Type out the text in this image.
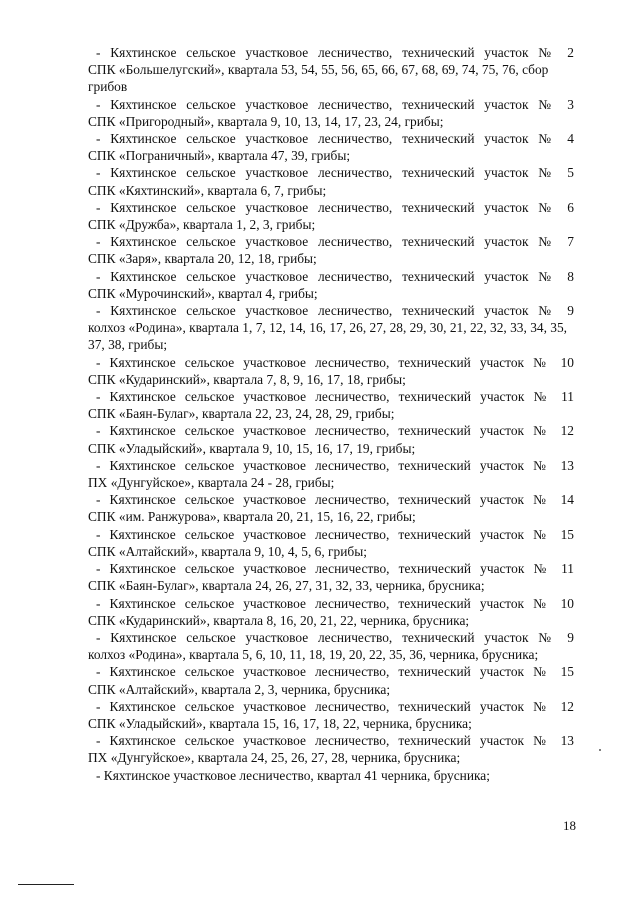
- Кяхтинское сельское участковое лесничество, технический участок № 2
СПК «Большелугский», квартала 53, 54, 55, 56, 65, 66, 67, 68, 69, 74, 75, 76, сбор грибов

- Кяхтинское сельское участковое лесничество, технический участок № 3
СПК «Пригородный», квартала 9, 10, 13, 14, 17, 23, 24, грибы;

- Кяхтинское сельское участковое лесничество, технический участок № 4
СПК «Пограничный», квартала 47, 39, грибы;

- Кяхтинское сельское участковое лесничество, технический участок № 5
СПК «Кяхтинский», квартала 6, 7, грибы;

- Кяхтинское сельское участковое лесничество, технический участок № 6
СПК «Дружба», квартала 1, 2, 3, грибы;

- Кяхтинское сельское участковое лесничество, технический участок № 7
СПК «Заря», квартала 20, 12, 18, грибы;

- Кяхтинское сельское участковое лесничество, технический участок № 8
СПК «Мурочинский», квартал 4, грибы;

- Кяхтинское сельское участковое лесничество, технический участок № 9
колхоз «Родина», квартала 1, 7, 12, 14, 16, 17, 26, 27, 28, 29, 30, 21, 22, 32, 33, 34, 35, 37, 38, грибы;

- Кяхтинское сельское участковое лесничество, технический участок № 10
СПК «Кударинский», квартала 7, 8, 9, 16, 17, 18, грибы;

- Кяхтинское сельское участковое лесничество, технический участок № 11
СПК «Баян-Булаг», квартала 22, 23, 24, 28, 29, грибы;

- Кяхтинское сельское участковое лесничество, технический участок № 12
СПК «Уладыйский», квартала 9, 10, 15, 16, 17, 19, грибы;

- Кяхтинское сельское участковое лесничество, технический участок № 13
ПХ «Дунгуйское», квартала 24 - 28, грибы;

- Кяхтинское сельское участковое лесничество, технический участок № 14
СПК «им. Ранжурова», квартала 20, 21, 15, 16, 22, грибы;

- Кяхтинское сельское участковое лесничество, технический участок № 15
СПК «Алтайский», квартала 9, 10, 4, 5, 6, грибы;

- Кяхтинское сельское участковое лесничество, технический участок № 11
СПК «Баян-Булаг», квартала 24, 26, 27, 31, 32, 33, черника, брусника;

- Кяхтинское сельское участковое лесничество, технический участок № 10
СПК «Кударинский», квартала 8, 16, 20, 21, 22, черника, брусника;

- Кяхтинское сельское участковое лесничество, технический участок № 9
колхоз «Родина», квартала 5, 6, 10, 11, 18, 19, 20, 22, 35, 36, черника, брусника;

- Кяхтинское сельское участковое лесничество, технический участок № 15
СПК «Алтайский», квартала 2, 3, черника, брусника;

- Кяхтинское сельское участковое лесничество, технический участок № 12
СПК «Уладыйский», квартала 15, 16, 17, 18, 22, черника, брусника;

- Кяхтинское сельское участковое лесничество, технический участок № 13
ПХ «Дунгуйское», квартала 24, 25, 26, 27, 28, черника, брусника;

- Кяхтинское участковое лесничество, квартал 41 черника, брусника;

18
